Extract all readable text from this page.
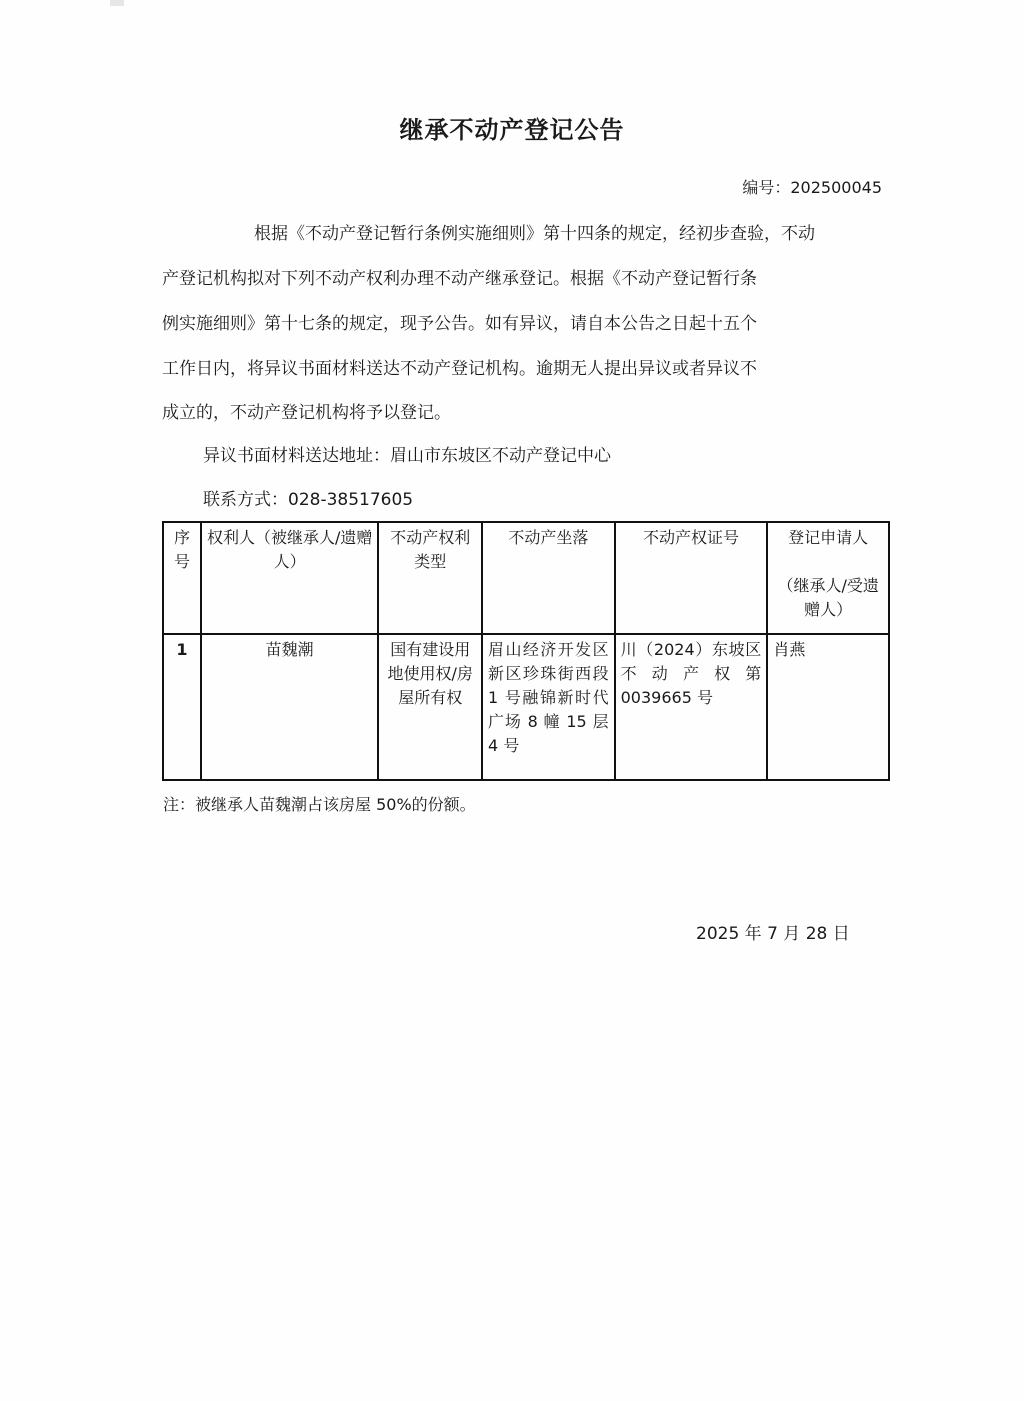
继承不动产登记公告
编号：202500045
根据《不动产登记暂行条例实施细则》第十四条的规定，经初步查验，不动
产登记机构拟对下列不动产权利办理不动产继承登记。根据《不动产登记暂行条
例实施细则》第十七条的规定，现予公告。如有异议，请自本公告之日起十五个
工作日内，将异议书面材料送达不动产登记机构。逾期无人提出异议或者异议不
成立的，不动产登记机构将予以登记。
异议书面材料送达地址：眉山市东坡区不动产登记中心
联系方式：028-38517605
序号	权利人（被继承人/遗赠人）	不动产权利类型	不动产坐落	不动产权证号	登记申请人

（继承人/受遗赠人）
1	苗魏潮	国有建设用地使用权/房屋所有权	眉山经济开发区新区珍珠街西段 1 号融锦新时代广场 8 幢 15 层 4 号	川（2024）东坡区不动产权第0039665 号	肖燕
注：被继承人苗魏潮占该房屋 50%的份额。
2025 年 7 月 28 日
